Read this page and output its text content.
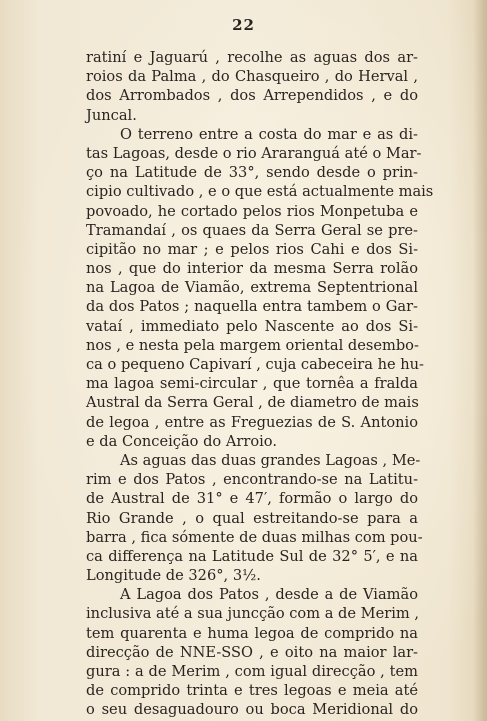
22
ratiní e Jaguarú , recolhe as aguas dos ar-
roios da Palma , do Chasqueiro , do Herval ,
dos Arrombados , dos Arrependidos , e do
Juncal.
O terreno entre a costa do mar e as di-
tas Lagoas, desde o rio Araranguá até o Mar-
ço na Latitude de 33°, sendo desde o prin-
cipio cultivado , e o que está actualmente mais
povoado, he cortado pelos rios Monpetuba e
Tramandaí , os quaes da Serra Geral se pre-
cipitão no mar ; e pelos rios Cahi e dos Si-
nos , que do interior da mesma Serra rolão
na Lagoa de Viamão, extrema Septentrional
da dos Patos ; naquella entra tambem o Gar-
vataí , immediato pelo Nascente ao dos Si-
nos , e nesta pela margem oriental desembo-
ca o pequeno Capivarí , cuja cabeceira he hu-
ma lagoa semi-circular , que tornêa a fralda
Austral da Serra Geral , de diametro de mais
de legoa , entre as Freguezias de S. Antonio
e da Conceição do Arroio.
As aguas das duas grandes Lagoas , Me-
rim e dos Patos , encontrando-se na Latitu-
de Austral de 31° e 47′, formão o largo do
Rio Grande , o qual estreitando-se para a
barra , fica sómente de duas milhas com pou-
ca differença na Latitude Sul de 32° 5′, e na
Longitude de 326°, 3½.
A Lagoa dos Patos , desde a de Viamão
inclusiva até a sua juncção com a de Merim ,
tem quarenta e huma legoa de comprido na
direcção de NNE-SSO , e oito na maior lar-
gura : a de Merim , com igual direcção , tem
de comprido trinta e tres legoas e meia até
o seu desaguadouro ou boca Meridional do
